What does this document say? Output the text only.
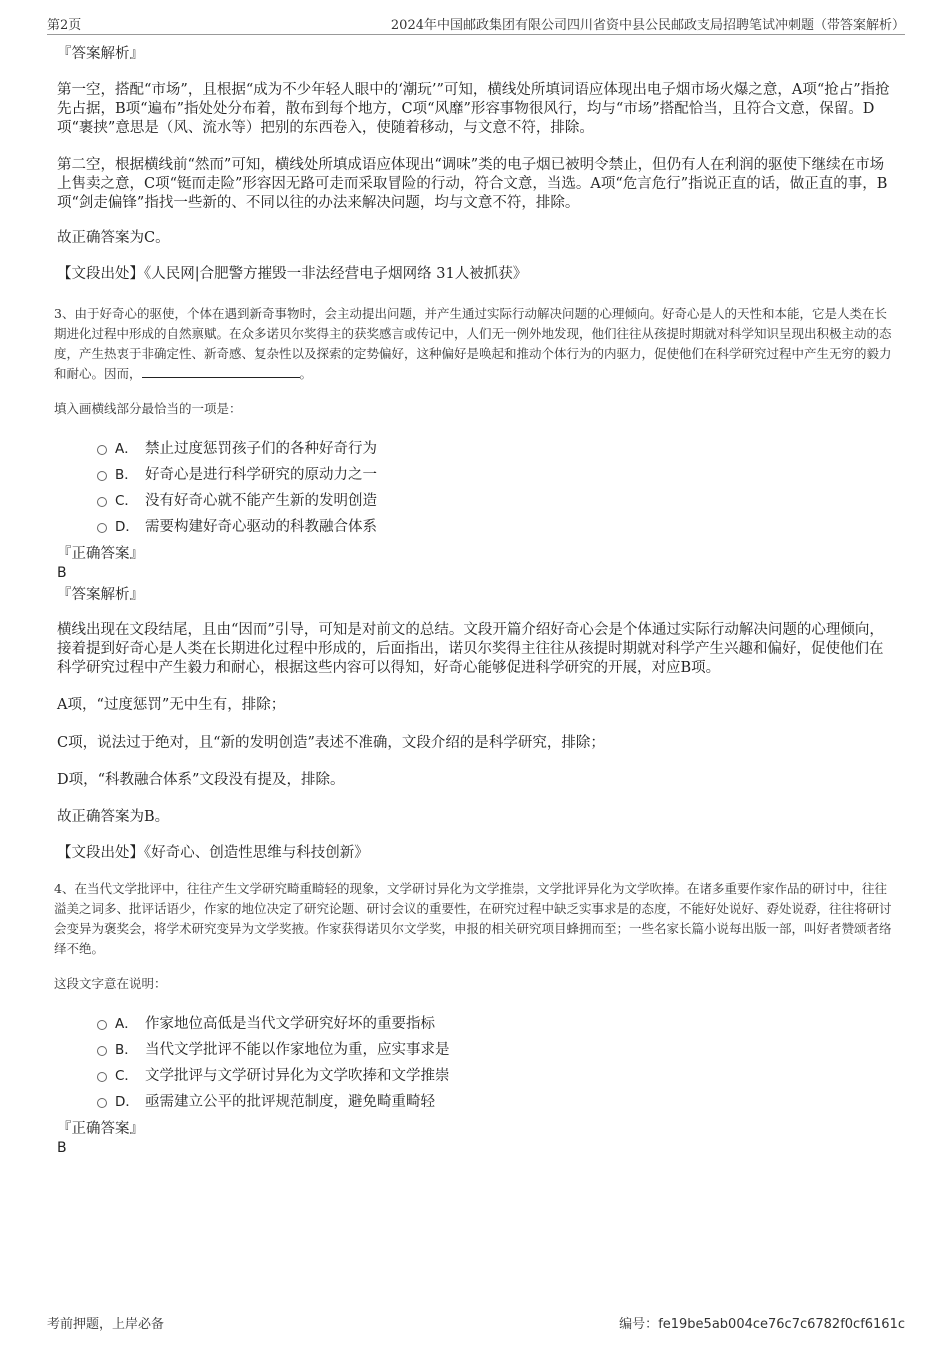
第2页	2024年中国邮政集团有限公司四川省资中县公民邮政支局招聘笔试冲刺题（带答案解析）

『答案解析』

第一空，搭配“市场”，且根据“成为不少年轻人眼中的‘潮玩’”可知，横线处所填词语应体现出电子烟市场火爆之意，A项“抢占”指抢先占据，B项“遍布”指处处分布着，散布到每个地方，C项“风靡”形容事物很风行，均与“市场”搭配恰当，且符合文意，保留。D项“裹挟”意思是（风、流水等）把别的东西卷入，使随着移动，与文意不符，排除。

第二空，根据横线前“然而”可知，横线处所填成语应体现出“调味”类的电子烟已被明令禁止，但仍有人在利润的驱使下继续在市场上售卖之意，C项“铤而走险”形容因无路可走而采取冒险的行动，符合文意，当选。A项“危言危行”指说正直的话，做正直的事，B项“剑走偏锋”指找一些新的、不同以往的办法来解决问题，均与文意不符，排除。

故正确答案为C。

【文段出处】《人民网|合肥警方摧毁一非法经营电子烟网络 31人被抓获》

3、由于好奇心的驱使，个体在遇到新奇事物时，会主动提出问题，并产生通过实际行动解决问题的心理倾向。好奇心是人的天性和本能，它是人类在长期进化过程中形成的自然禀赋。在众多诺贝尔奖得主的获奖感言或传记中，人们无一例外地发现，他们往往从孩提时期就对科学知识呈现出积极主动的态度，产生热衷于非确定性、新奇感、复杂性以及探索的定势偏好，这种偏好是唤起和推动个体行为的内驱力，促使他们在科学研究过程中产生无穷的毅力和耐心。因而，	。

填入画横线部分最恰当的一项是：

A． 禁止过度惩罚孩子们的各种好奇行为
B． 好奇心是进行科学研究的原动力之一
C． 没有好奇心就不能产生新的发明创造
D． 需要构建好奇心驱动的科教融合体系

『正确答案』

B

『答案解析』

横线出现在文段结尾，且由“因而”引导，可知是对前文的总结。文段开篇介绍好奇心会是个体通过实际行动解决问题的心理倾向，接着提到好奇心是人类在长期进化过程中形成的，后面指出，诺贝尔奖得主往往从孩提时期就对科学产生兴趣和偏好，促使他们在科学研究过程中产生毅力和耐心，根据这些内容可以得知，好奇心能够促进科学研究的开展，对应B项。

A项，“过度惩罚”无中生有，排除；

C项，说法过于绝对，且“新的发明创造”表述不准确，文段介绍的是科学研究，排除；

D项，“科教融合体系”文段没有提及，排除。

故正确答案为B。

【文段出处】《好奇心、创造性思维与科技创新》

4、在当代文学批评中，往往产生文学研究畸重畸轻的现象，文学研讨异化为文学推崇，文学批评异化为文学吹捧。在诸多重要作家作品的研讨中，往往溢美之词多、批评话语少，作家的地位决定了研究论题、研讨会议的重要性，在研究过程中缺乏实事求是的态度，不能好处说好、孬处说孬，往往将研讨会变异为褒奖会，将学术研究变异为文学奖掖。作家获得诺贝尔文学奖，申报的相关研究项目蜂拥而至；一些名家长篇小说每出版一部，叫好者赞颂者络绎不绝。

这段文字意在说明：

A． 作家地位高低是当代文学研究好坏的重要指标
B． 当代文学批评不能以作家地位为重，应实事求是
C． 文学批评与文学研讨异化为文学吹捧和文学推崇
D． 亟需建立公平的批评规范制度，避免畸重畸轻

『正确答案』

B

考前押题，上岸必备	编号：fe19be5ab004ce76c7c6782f0cf6161c
